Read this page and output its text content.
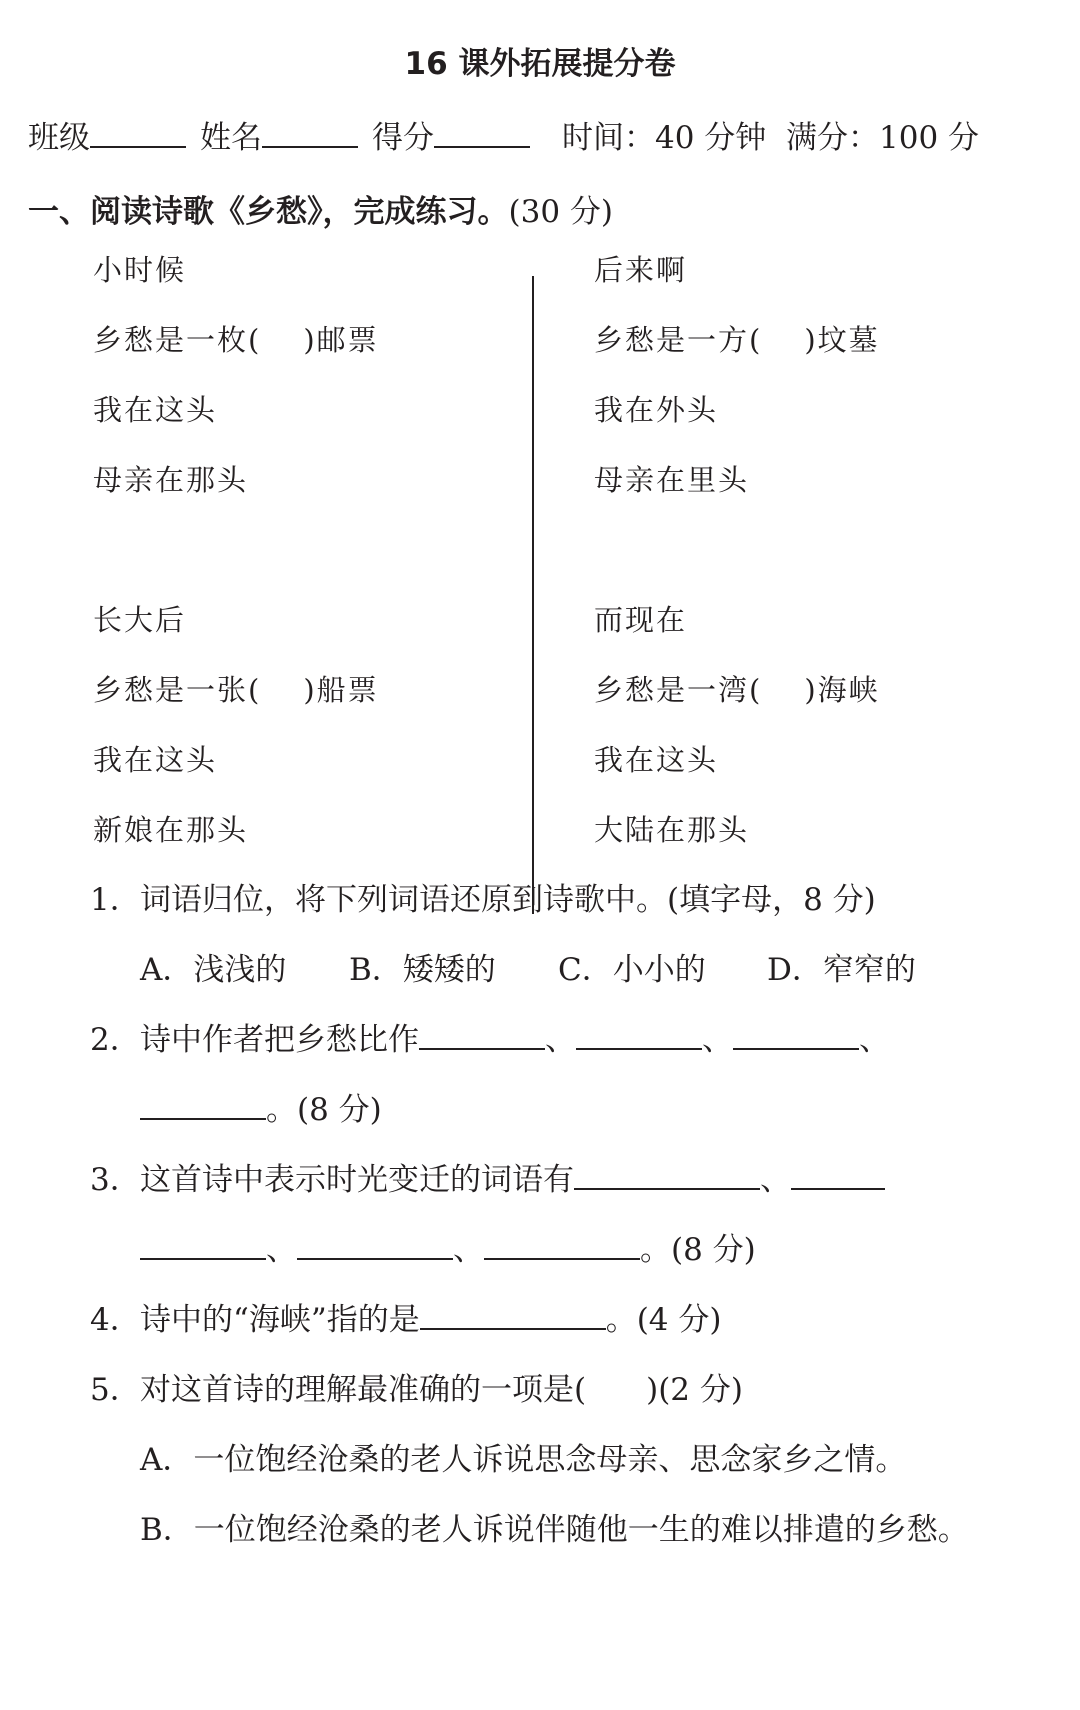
16 课外拓展提分卷
班级	姓名	得分	时间：40 分钟 满分：100 分
一、阅读诗歌《乡愁》，完成练习。(30 分)
小时候
乡愁是一枚( )邮票
我在这头
母亲在那头
长大后
乡愁是一张( )船票
我在这头
新娘在那头
后来啊
乡愁是一方( )坟墓
我在外头
母亲在里头
而现在
乡愁是一湾( )海峡
我在这头
大陆在那头
1．词语归位，将下列词语还原到诗歌中。(填字母，8 分)
A．浅浅的 B．矮矮的 C．小小的 D．窄窄的
2．诗中作者把乡愁比作	、	、	、
。(8 分)
3．这首诗中表示时光变迁的词语有	、
、	、	。(8 分)
4．诗中的“海峡”指的是	。(4 分)
5．对这首诗的理解最准确的一项是( )(2 分)
A．一位饱经沧桑的老人诉说思念母亲、思念家乡之情。
B．一位饱经沧桑的老人诉说伴随他一生的难以排遣的乡愁。
